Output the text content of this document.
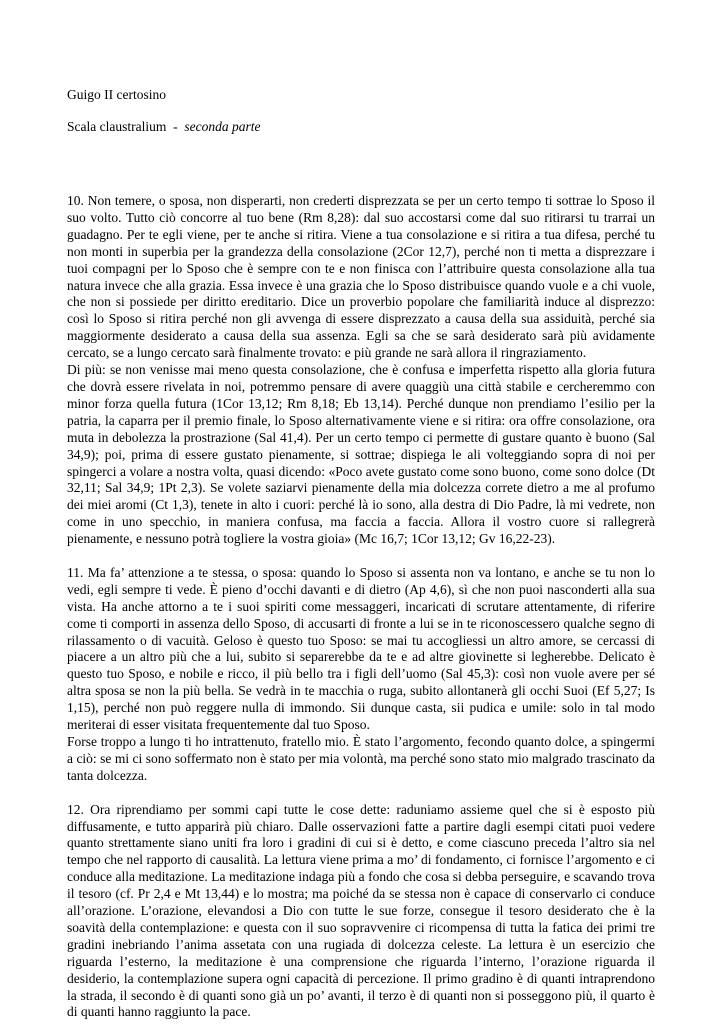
Guigo II certosino
Scala claustralium - seconda parte

10. Non temere, o sposa, non disperarti, non crederti disprezzata se per un certo tempo ti sottrae lo Sposo il suo volto. Tutto ciò concorre al tuo bene (Rm 8,28): dal suo accostarsi come dal suo ritirarsi tu trarrai un guadagno. Per te egli viene, per te anche si ritira. Viene a tua consolazione e si ritira a tua difesa, perché tu non monti in superbia per la grandezza della consolazione (2Cor 12,7), perché non ti metta a disprezzare i tuoi compagni per lo Sposo che è sempre con te e non finisca con l’attribuire questa consolazione alla tua natura invece che alla grazia. Essa invece è una grazia che lo Sposo distribuisce quando vuole e a chi vuole, che non si possiede per diritto ereditario. Dice un proverbio popolare che familiarità induce al disprezzo: così lo Sposo si ritira perché non gli avvenga di essere disprezzato a causa della sua assiduità, perché sia maggiormente desiderato a causa della sua assenza. Egli sa che se sarà desiderato sarà più avidamente cercato, se a lungo cercato sarà finalmente trovato: e più grande ne sarà allora il ringraziamento.

Di più: se non venisse mai meno questa consolazione, che è confusa e imperfetta rispetto alla gloria futura che dovrà essere rivelata in noi, potremmo pensare di avere quaggiù una città stabile e cercheremmo con minor forza quella futura (1Cor 13,12; Rm 8,18; Eb 13,14). Perché dunque non prendiamo l’esilio per la patria, la caparra per il premio finale, lo Sposo alternativamente viene e si ritira: ora offre consolazione, ora muta in debolezza la prostrazione (Sal 41,4). Per un certo tempo ci permette di gustare quanto è buono (Sal 34,9); poi, prima di essere gustato pienamente, si sottrae; dispiega le ali volteggiando sopra di noi per spingerci a volare a nostra volta, quasi dicendo: «Poco avete gustato come sono buono, come sono dolce (Dt 32,11; Sal 34,9; 1Pt 2,3). Se volete saziarvi pienamente della mia dolcezza correte dietro a me al profumo dei miei aromi (Ct 1,3), tenete in alto i cuori: perché là io sono, alla destra di Dio Padre, là mi vedrete, non come in uno specchio, in maniera confusa, ma faccia a faccia. Allora il vostro cuore si rallegrerà pienamente, e nessuno potrà togliere la vostra gioia» (Mc 16,7; 1Cor 13,12; Gv 16,22-23).

11. Ma fa’ attenzione a te stessa, o sposa: quando lo Sposo si assenta non va lontano, e anche se tu non lo vedi, egli sempre ti vede. È pieno d’occhi davanti e di dietro (Ap 4,6), sì che non puoi nasconderti alla sua vista. Ha anche attorno a te i suoi spiriti come messaggeri, incaricati di scrutare attentamente, di riferire come ti comporti in assenza dello Sposo, di accusarti di fronte a lui se in te riconoscessero qualche segno di rilassamento o di vacuità. Geloso è questo tuo Sposo: se mai tu accogliessi un altro amore, se cercassi di piacere a un altro più che a lui, subito si separerebbe da te e ad altre giovinette si legherebbe. Delicato è questo tuo Sposo, e nobile e ricco, il più bello tra i figli dell’uomo (Sal 45,3): così non vuole avere per sé altra sposa se non la più bella. Se vedrà in te macchia o ruga, subito allontanerà gli occhi Suoi (Ef 5,27; Is 1,15), perché non può reggere nulla di immondo. Sii dunque casta, sii pudica e umile: solo in tal modo meriterai di esser visitata frequentemente dal tuo Sposo.

Forse troppo a lungo ti ho intrattenuto, fratello mio. È stato l’argomento, fecondo quanto dolce, a spingermi a ciò: se mi ci sono soffermato non è stato per mia volontà, ma perché sono stato mio malgrado trascinato da tanta dolcezza.

12. Ora riprendiamo per sommi capi tutte le cose dette: raduniamo assieme quel che si è esposto più diffusamente, e tutto apparirà più chiaro. Dalle osservazioni fatte a partire dagli esempi citati puoi vedere quanto strettamente siano uniti fra loro i gradini di cui si è detto, e come ciascuno preceda l’altro sia nel tempo che nel rapporto di causalità. La lettura viene prima a mo’ di fondamento, ci fornisce l’argomento e ci conduce alla meditazione. La meditazione indaga più a fondo che cosa si debba perseguire, e scavando trova il tesoro (cf. Pr 2,4 e Mt 13,44) e lo mostra; ma poiché da se stessa non è capace di conservarlo ci conduce all’orazione. L’orazione, elevandosi a Dio con tutte le sue forze, consegue il tesoro desiderato che è la soavità della contemplazione: e questa con il suo sopravvenire ci ricompensa di tutta la fatica dei primi tre gradini inebriando l’anima assetata con una rugiada di dolcezza celeste. La lettura è un esercizio che riguarda l’esterno, la meditazione è una comprensione che riguarda l’interno, l’orazione riguarda il desiderio, la contemplazione supera ogni capacità di percezione. Il primo gradino è di quanti intraprendono la strada, il secondo è di quanti sono già un po’ avanti, il terzo è di quanti non si posseggono più, il quarto è di quanti hanno raggiunto la pace.
